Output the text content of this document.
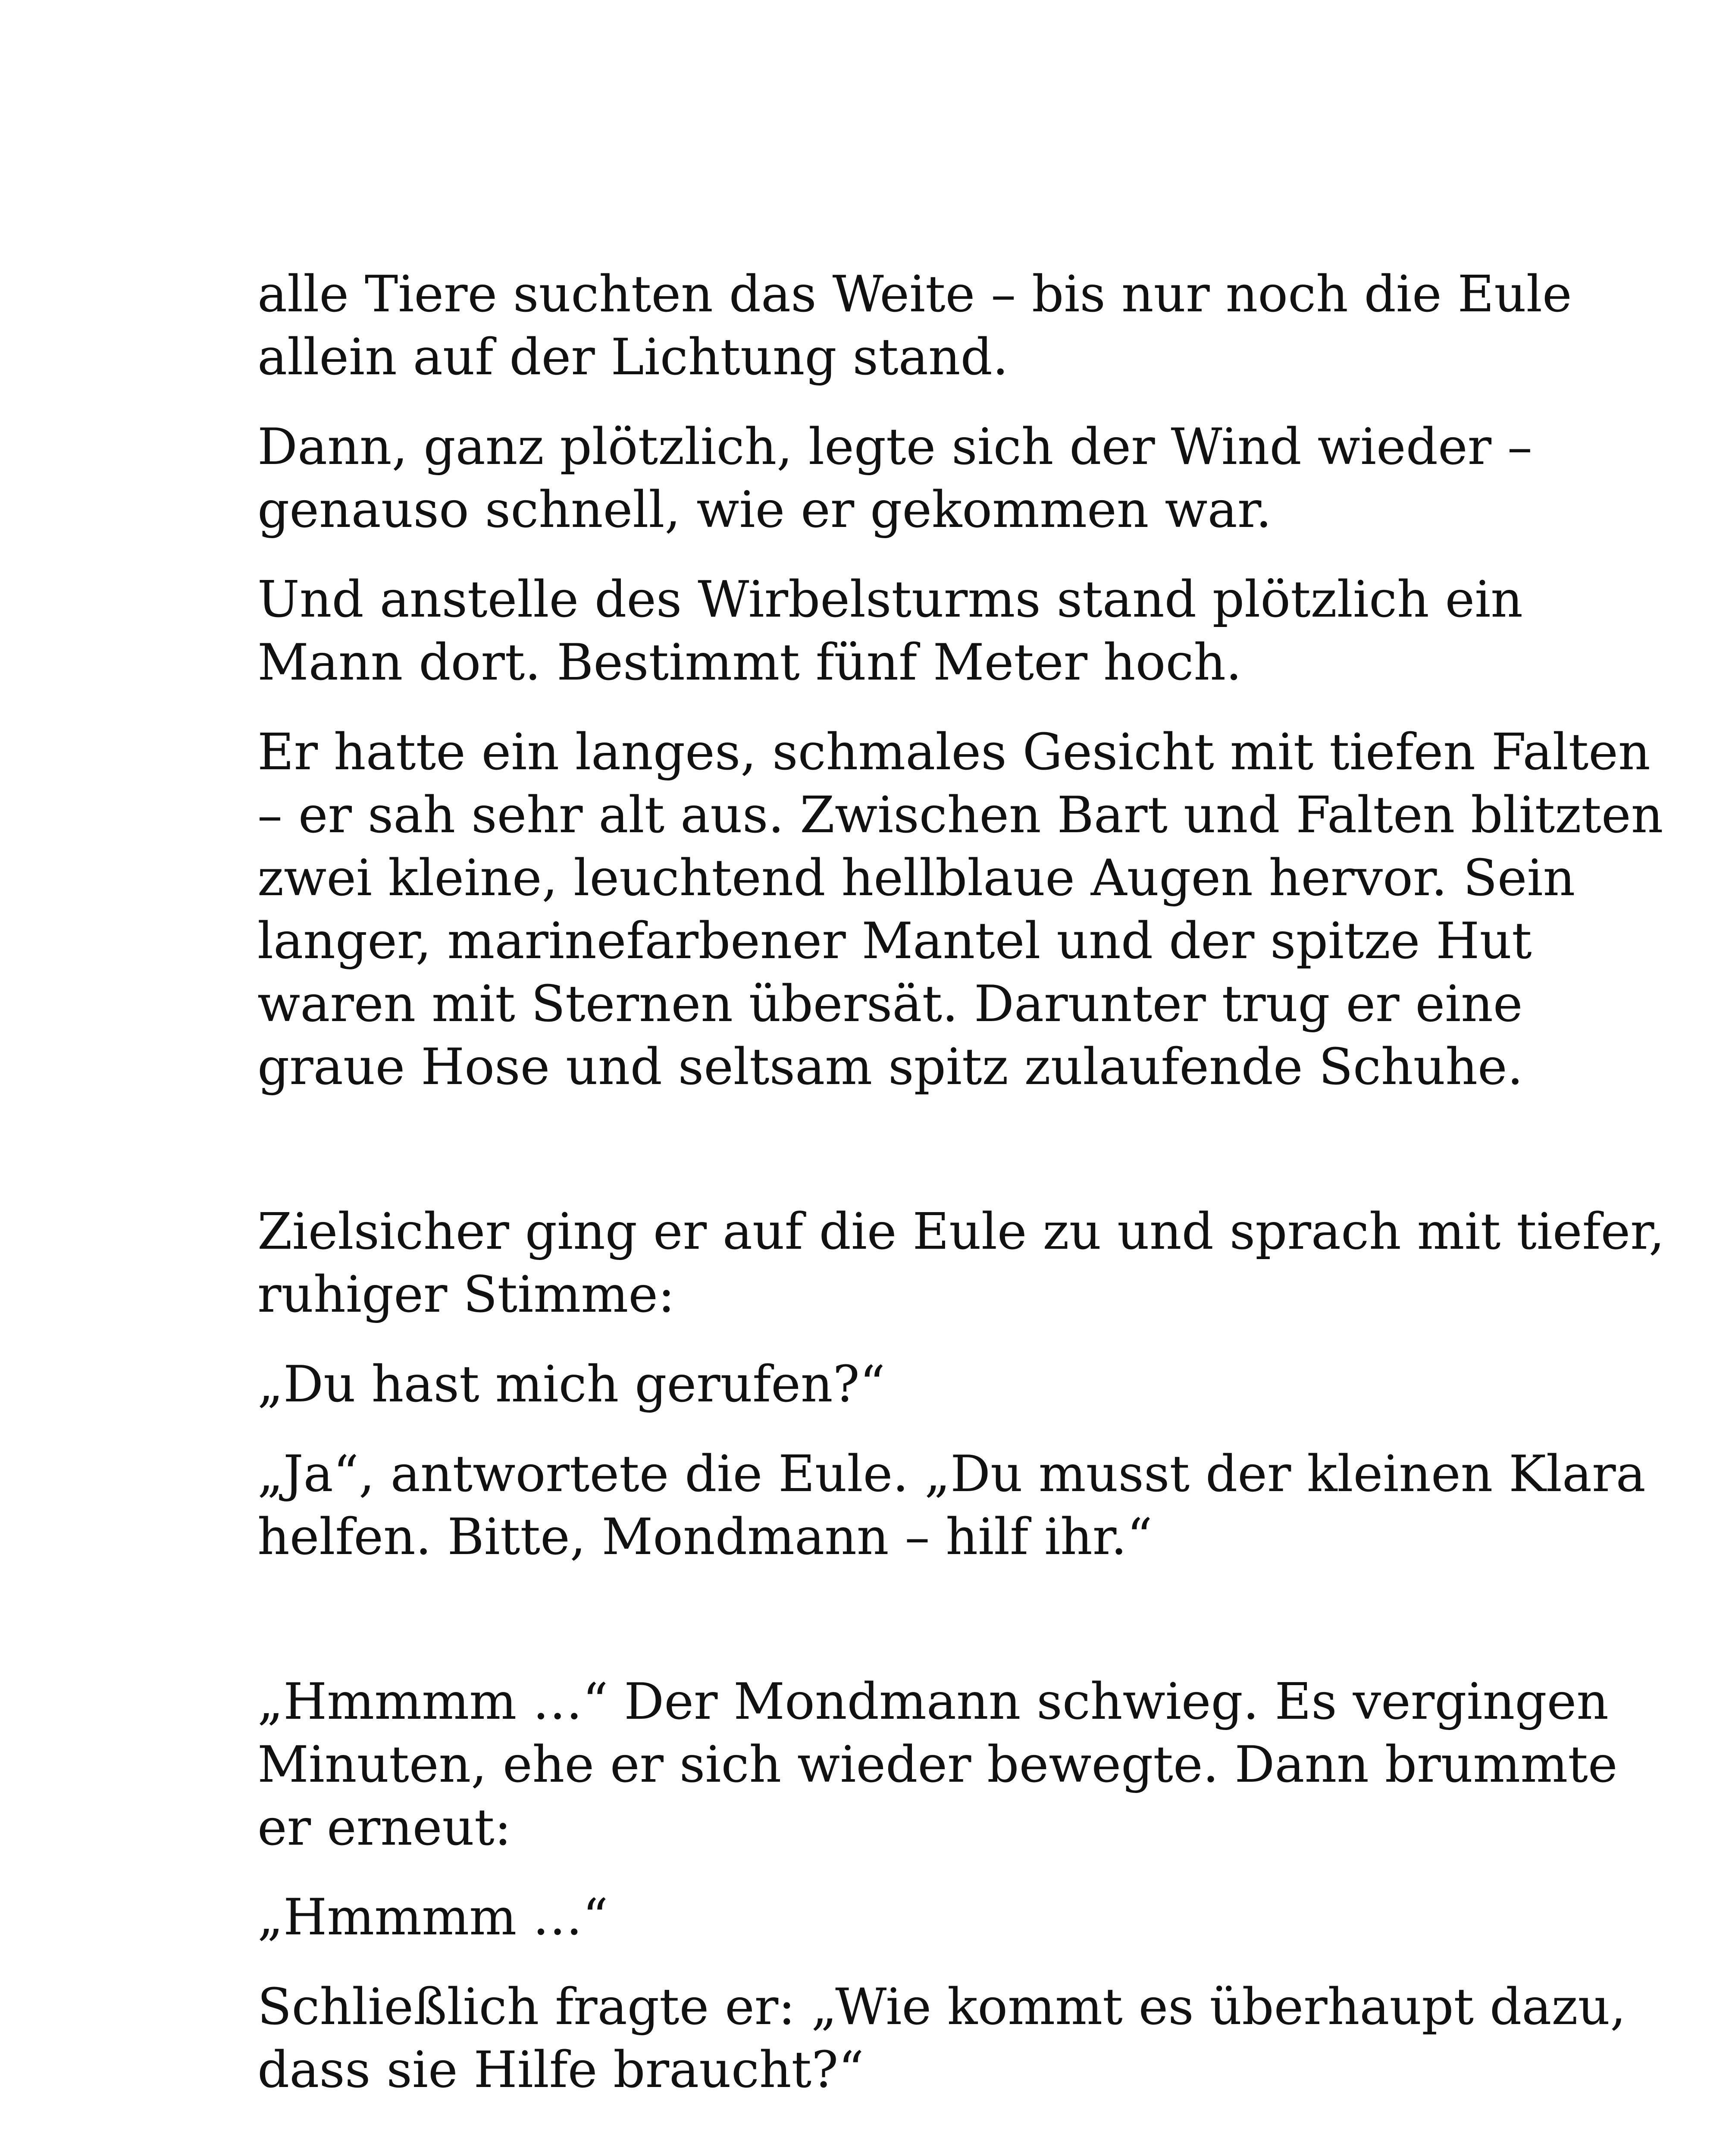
alle Tiere suchten das Weite – bis nur noch die Eule
allein auf der Lichtung stand.

Dann, ganz plötzlich, legte sich der Wind wieder –
genauso schnell, wie er gekommen war.

Und anstelle des Wirbelsturms stand plötzlich ein
Mann dort. Bestimmt fünf Meter hoch.

Er hatte ein langes, schmales Gesicht mit tiefen Falten
– er sah sehr alt aus. Zwischen Bart und Falten blitzten
zwei kleine, leuchtend hellblaue Augen hervor. Sein
langer, marinefarbener Mantel und der spitze Hut
waren mit Sternen übersät. Darunter trug er eine
graue Hose und seltsam spitz zulaufende Schuhe.

Zielsicher ging er auf die Eule zu und sprach mit tiefer,
ruhiger Stimme:

„Du hast mich gerufen?“

„Ja“, antwortete die Eule. „Du musst der kleinen Klara
helfen. Bitte, Mondmann – hilf ihr.“

„Hmmmm …“ Der Mondmann schwieg. Es vergingen
Minuten, ehe er sich wieder bewegte. Dann brummte
er erneut:

„Hmmmm …“

Schließlich fragte er: „Wie kommt es überhaupt dazu,
dass sie Hilfe braucht?“
